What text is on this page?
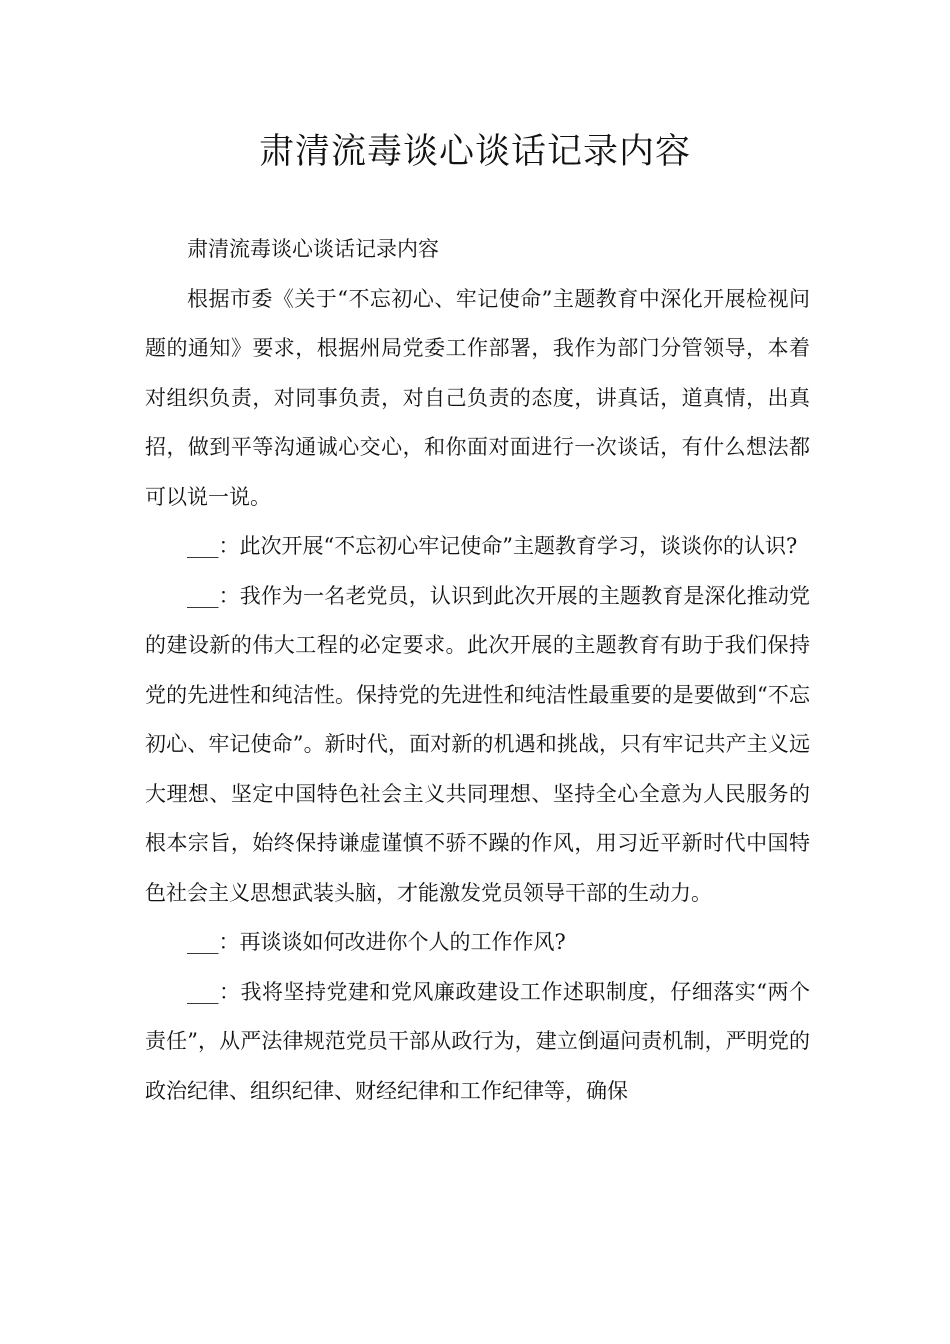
肃清流毒谈心谈话记录内容

肃清流毒谈心谈话记录内容

根据市委《关于“不忘初心、牢记使命”主题教育中深化开展检视问题的通知》要求，根据州局党委工作部署，我作为部门分管领导，本着对组织负责，对同事负责，对自己负责的态度，讲真话，道真情，出真招，做到平等沟通诚心交心，和你面对面进行一次谈话，有什么想法都可以说一说。

___：此次开展“不忘初心牢记使命”主题教育学习，谈谈你的认识?

___：我作为一名老党员，认识到此次开展的主题教育是深化推动党的建设新的伟大工程的必定要求。此次开展的主题教育有助于我们保持党的先进性和纯洁性。保持党的先进性和纯洁性最重要的是要做到“不忘初心、牢记使命”。新时代，面对新的机遇和挑战，只有牢记共产主义远大理想、坚定中国特色社会主义共同理想、坚持全心全意为人民服务的根本宗旨，始终保持谦虚谨慎不骄不躁的作风，用习近平新时代中国特色社会主义思想武装头脑，才能激发党员领导干部的生动力。

___：再谈谈如何改进你个人的工作作风?

___：我将坚持党建和党风廉政建设工作述职制度，仔细落实“两个责任”，从严法律规范党员干部从政行为，建立倒逼问责机制，严明党的政治纪律、组织纪律、财经纪律和工作纪律等，确保
